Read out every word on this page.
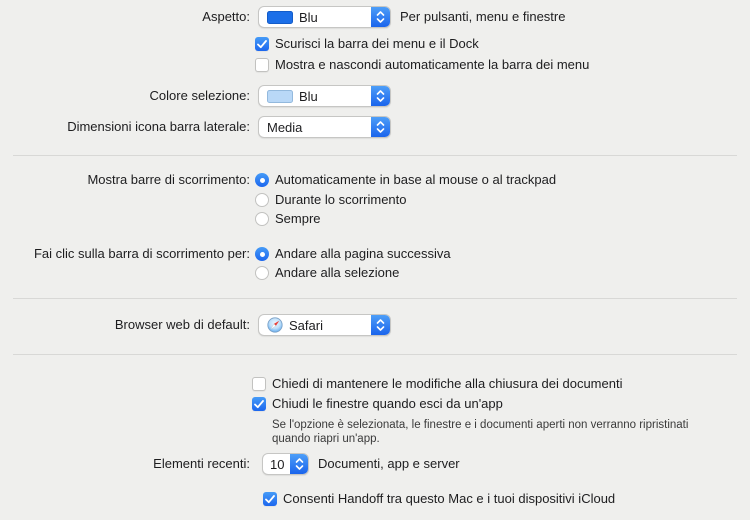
Aspetto:	Blu	Per pulsanti, menu e finestre
Scurisci la barra dei menu e il Dock
Mostra e nascondi automaticamente la barra dei menu
Colore selezione:	Blu
Dimensioni icona barra laterale: Media
Mostra barre di scorrimento: Automaticamente in base al mouse o al trackpad
Durante lo scorrimento
Sempre
Fai clic sulla barra di scorrimento per: Andare alla pagina successiva
Andare alla selezione
Browser web di default:	Safari
Chiedi di mantenere le modifiche alla chiusura dei documenti
Chiudi le finestre quando esci da un'app
Se l'opzione è selezionata, le finestre e i documenti aperti non verranno ripristinati quando riapri un'app.
Elementi recenti: 10	Documenti, app e server
Consenti Handoff tra questo Mac e i tuoi dispositivi iCloud
